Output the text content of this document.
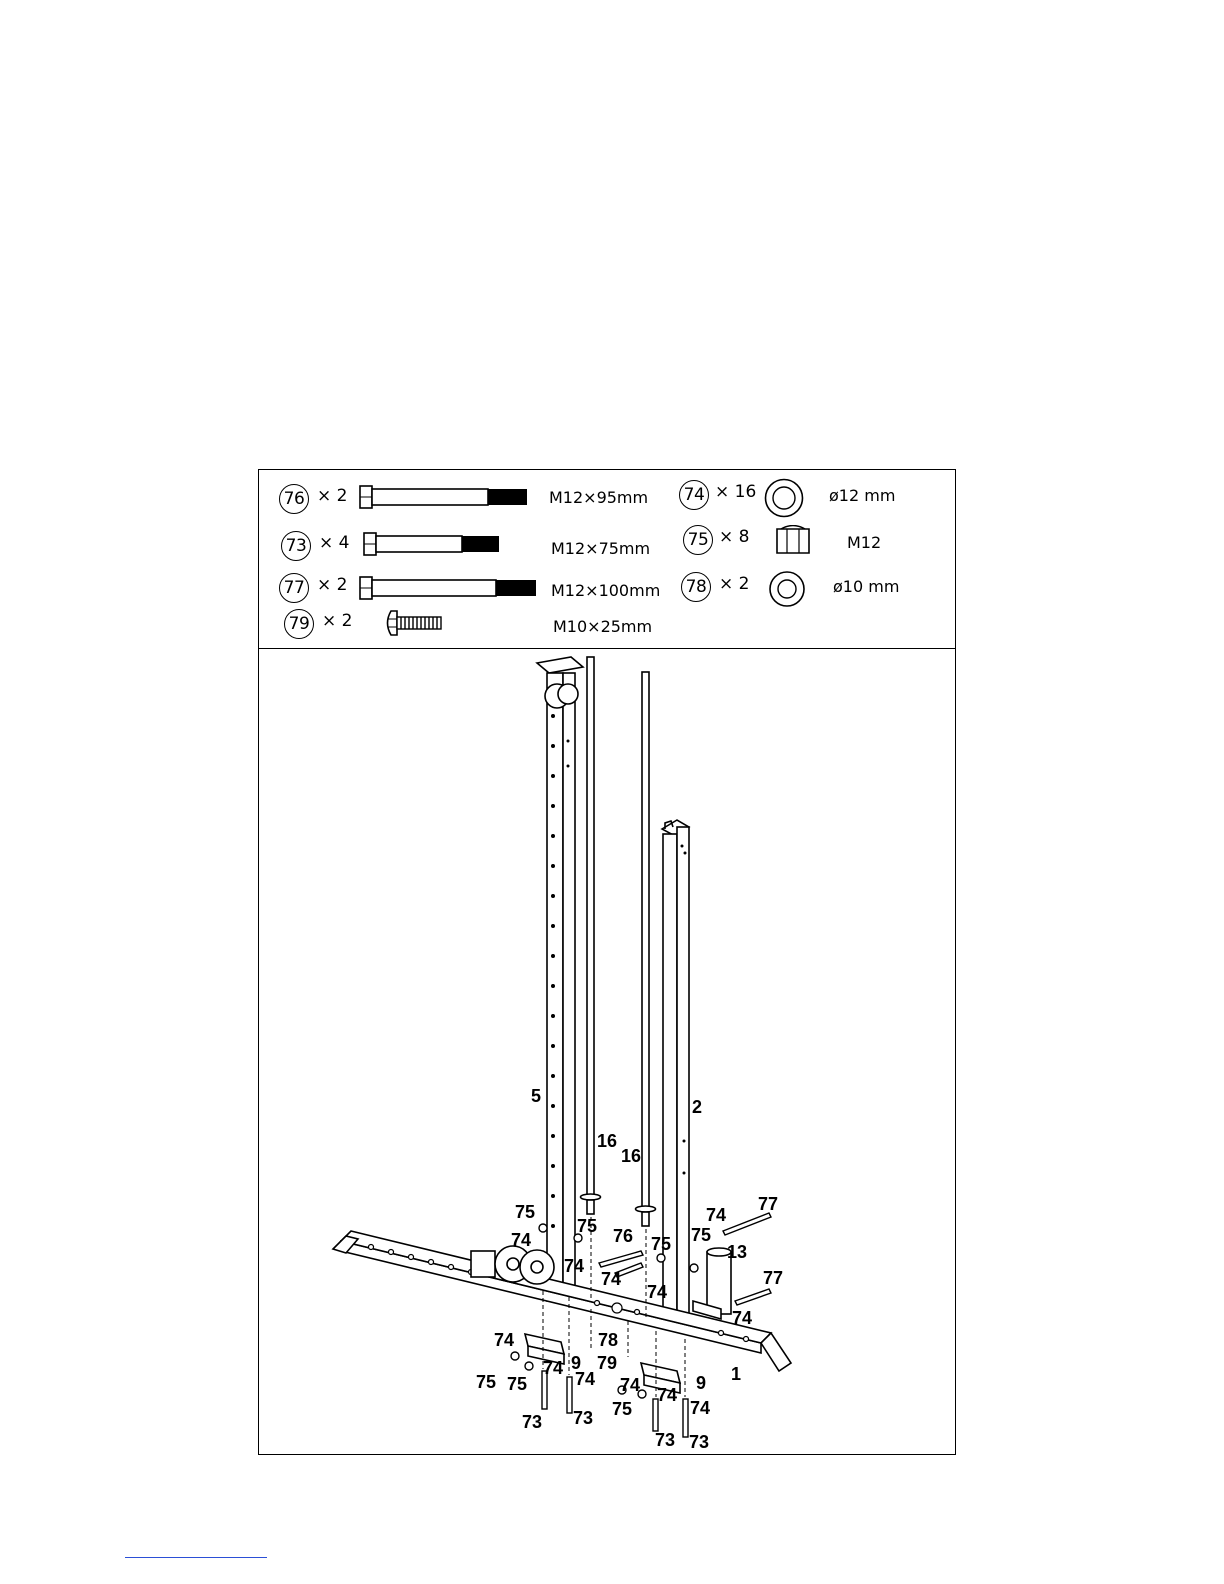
76 × 2	M12×95mm
73 × 4	M12×75mm
77 × 2	M12×100mm
79 × 2	M10×25mm
74 × 16	ø12 mm
75 × 8	M12
78 × 2	ø10 mm
5
2
16
16
75
74
75 76
74
74
75
74
74
77
75
13
77
74
74	78
9 79
74
74
75 75
73 73
74	9
74
75	74
73 73
1
